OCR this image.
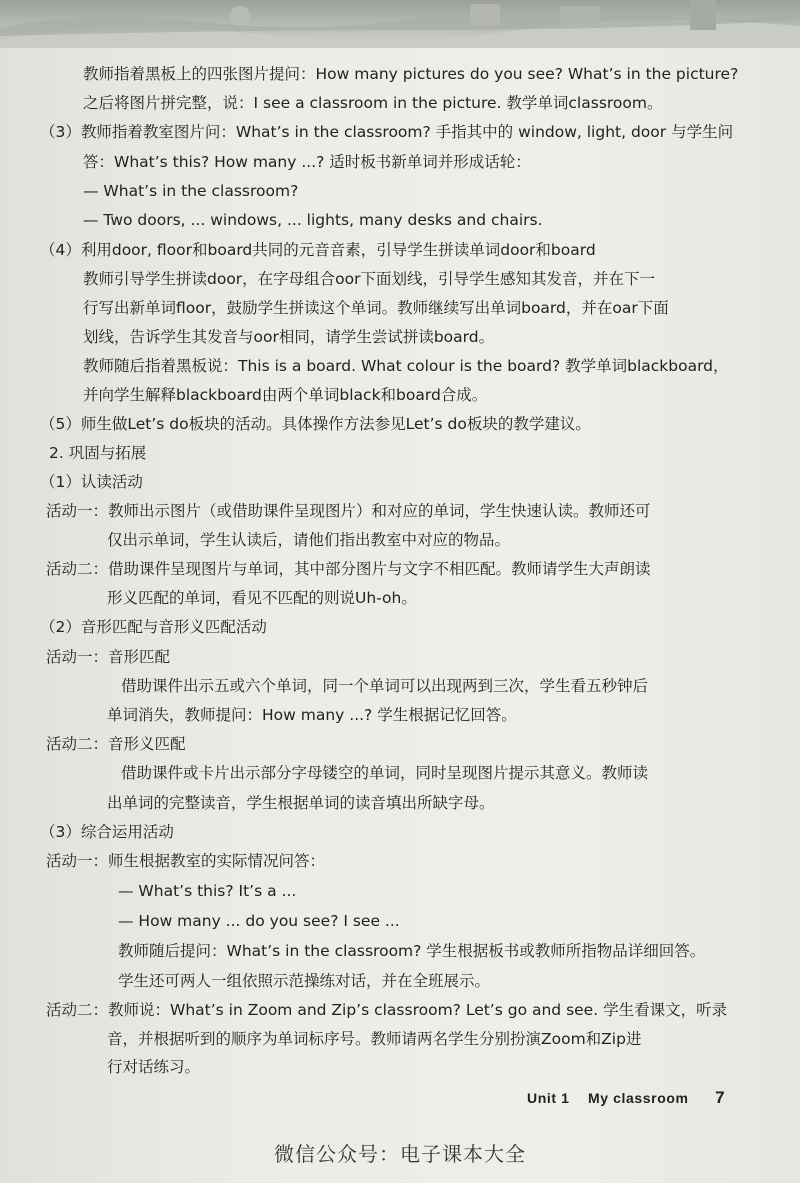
教师指着黑板上的四张图片提问：How many pictures do you see? What’s in the picture?
之后将图片拼完整，说：I see a classroom in the picture. 教学单词classroom。
（3）教师指着教室图片问：What’s in the classroom? 手指其中的 window, light, door 与学生问
答：What’s this? How many ...? 适时板书新单词并形成话轮：
— What’s in the classroom?
— Two doors, ... windows, ... lights, many desks and chairs.
（4）利用door, floor和board共同的元音音素，引导学生拼读单词door和board
教师引导学生拼读door，在字母组合oor下面划线，引导学生感知其发音，并在下一
行写出新单词floor，鼓励学生拼读这个单词。教师继续写出单词board，并在oar下面
划线，告诉学生其发音与oor相同，请学生尝试拼读board。
教师随后指着黑板说：This is a board. What colour is the board? 教学单词blackboard，
并向学生解释blackboard由两个单词black和board合成。
（5）师生做Let’s do板块的活动。具体操作方法参见Let’s do板块的教学建议。
2. 巩固与拓展
（1）认读活动
活动一：教师出示图片（或借助课件呈现图片）和对应的单词，学生快速认读。教师还可
仅出示单词，学生认读后，请他们指出教室中对应的物品。
活动二：借助课件呈现图片与单词，其中部分图片与文字不相匹配。教师请学生大声朗读
形义匹配的单词，看见不匹配的则说Uh-oh。
（2）音形匹配与音形义匹配活动
活动一：音形匹配
借助课件出示五或六个单词，同一个单词可以出现两到三次，学生看五秒钟后
单词消失，教师提问：How many ...? 学生根据记忆回答。
活动二：音形义匹配
借助课件或卡片出示部分字母镂空的单词，同时呈现图片提示其意义。教师读
出单词的完整读音，学生根据单词的读音填出所缺字母。
（3）综合运用活动
活动一：师生根据教室的实际情况问答：
— What’s this? It’s a ...
— How many ... do you see? I see ...
教师随后提问：What’s in the classroom? 学生根据板书或教师所指物品详细回答。
学生还可两人一组依照示范操练对话，并在全班展示。
活动二：教师说：What’s in Zoom and Zip’s classroom? Let’s go and see. 学生看课文，听录
音，并根据听到的顺序为单词标序号。教师请两名学生分别扮演Zoom和Zip进
行对话练习。
Unit 1 My classroom 7
微信公众号：电子课本大全
